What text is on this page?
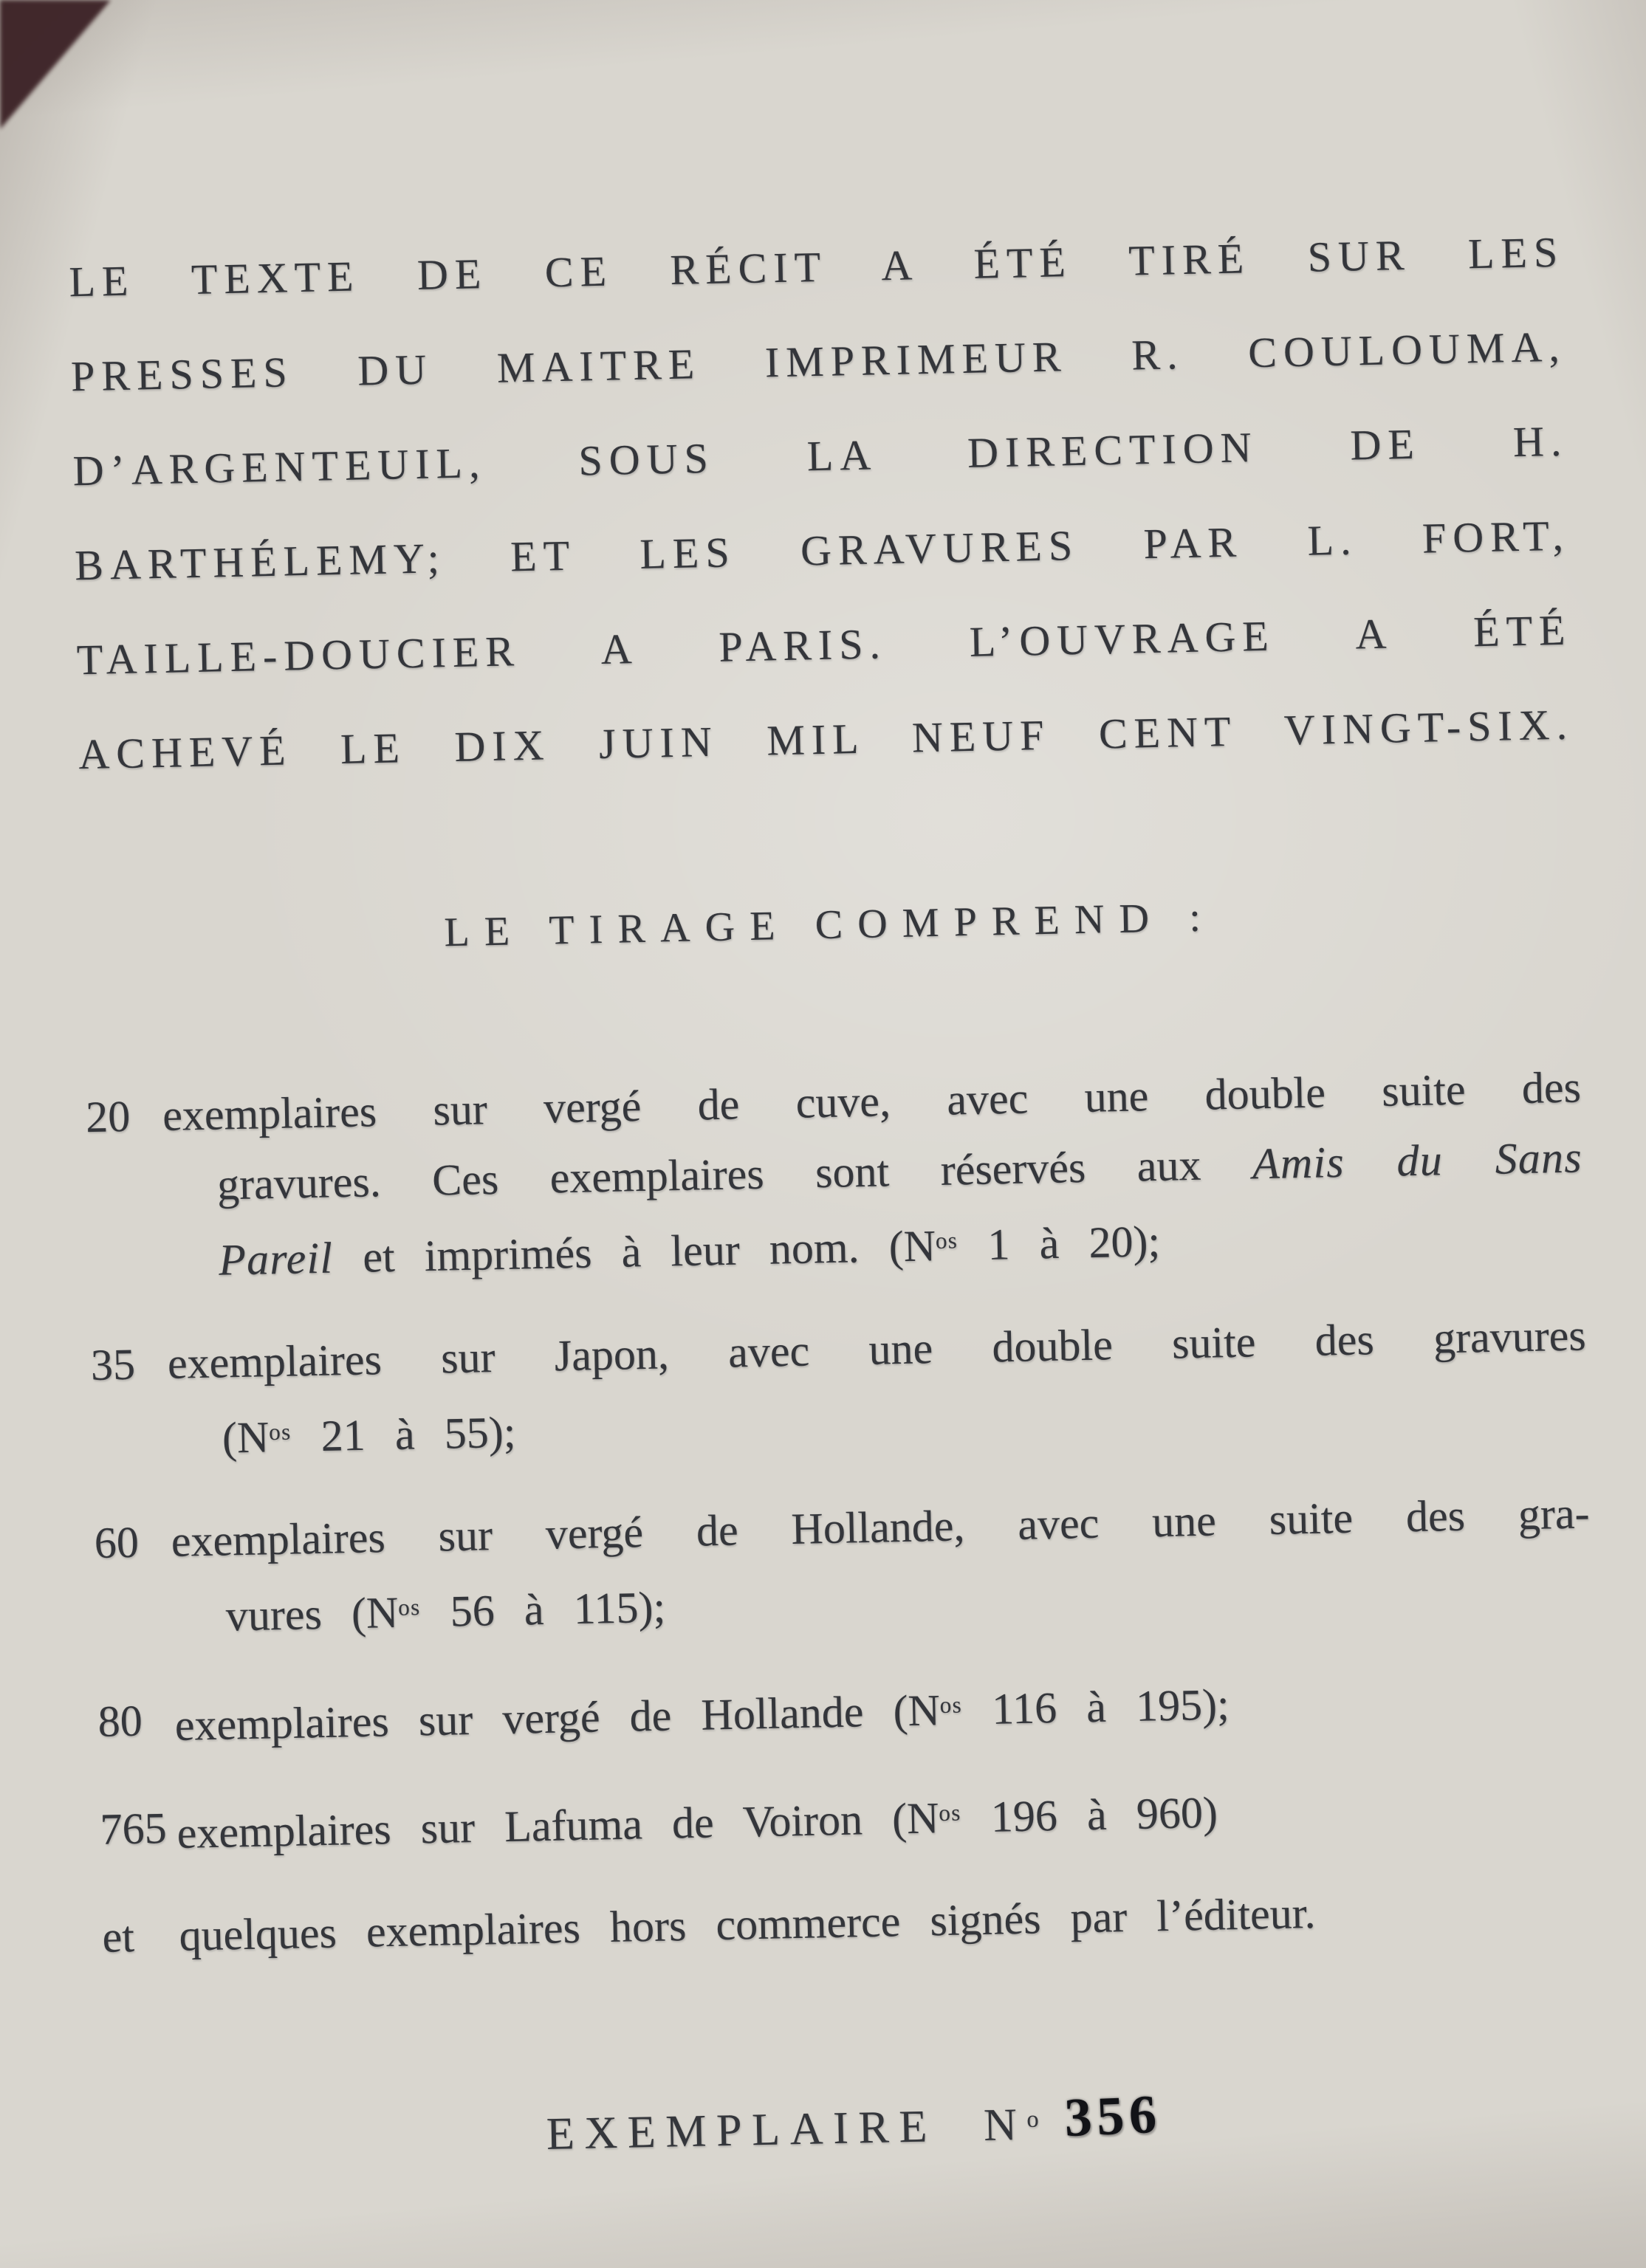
LE TEXTE DE CE RÉCIT A ÉTÉ TIRÉ SUR LES
PRESSES DU MAITRE IMPRIMEUR R. COULOUMA,
D’ARGENTEUIL, SOUS LA DIRECTION DE H.
BARTHÉLEMY; ET LES GRAVURES PAR L. FORT,
TAILLE-DOUCIER A PARIS. L’OUVRAGE A ÉTÉ
ACHEVÉ LE DIX JUIN MIL NEUF CENT VINGT-SIX.
LE TIRAGE COMPREND :
20 exemplaires sur vergé de cuve, avec une double suite des
gravures. Ces exemplaires sont réservés aux Amis du Sans
Pareil et imprimés à leur nom. ($N^{os}$ 1 à 20);
35 exemplaires sur Japon, avec une double suite des gravures
($N^{os}$ 21 à 55);
60 exemplaires sur vergé de Hollande, avec une suite des gra-
vures ($N^{os}$ 56 à 115);
80 exemplaires sur vergé de Hollande ($N^{os}$ 116 à 195);
765 exemplaires sur Lafuma de Voiron ($N^{os}$ 196 à 960)
et quelques exemplaires hors commerce signés par l’éditeur.
EXEMPLAIRE $N^o$ 356
